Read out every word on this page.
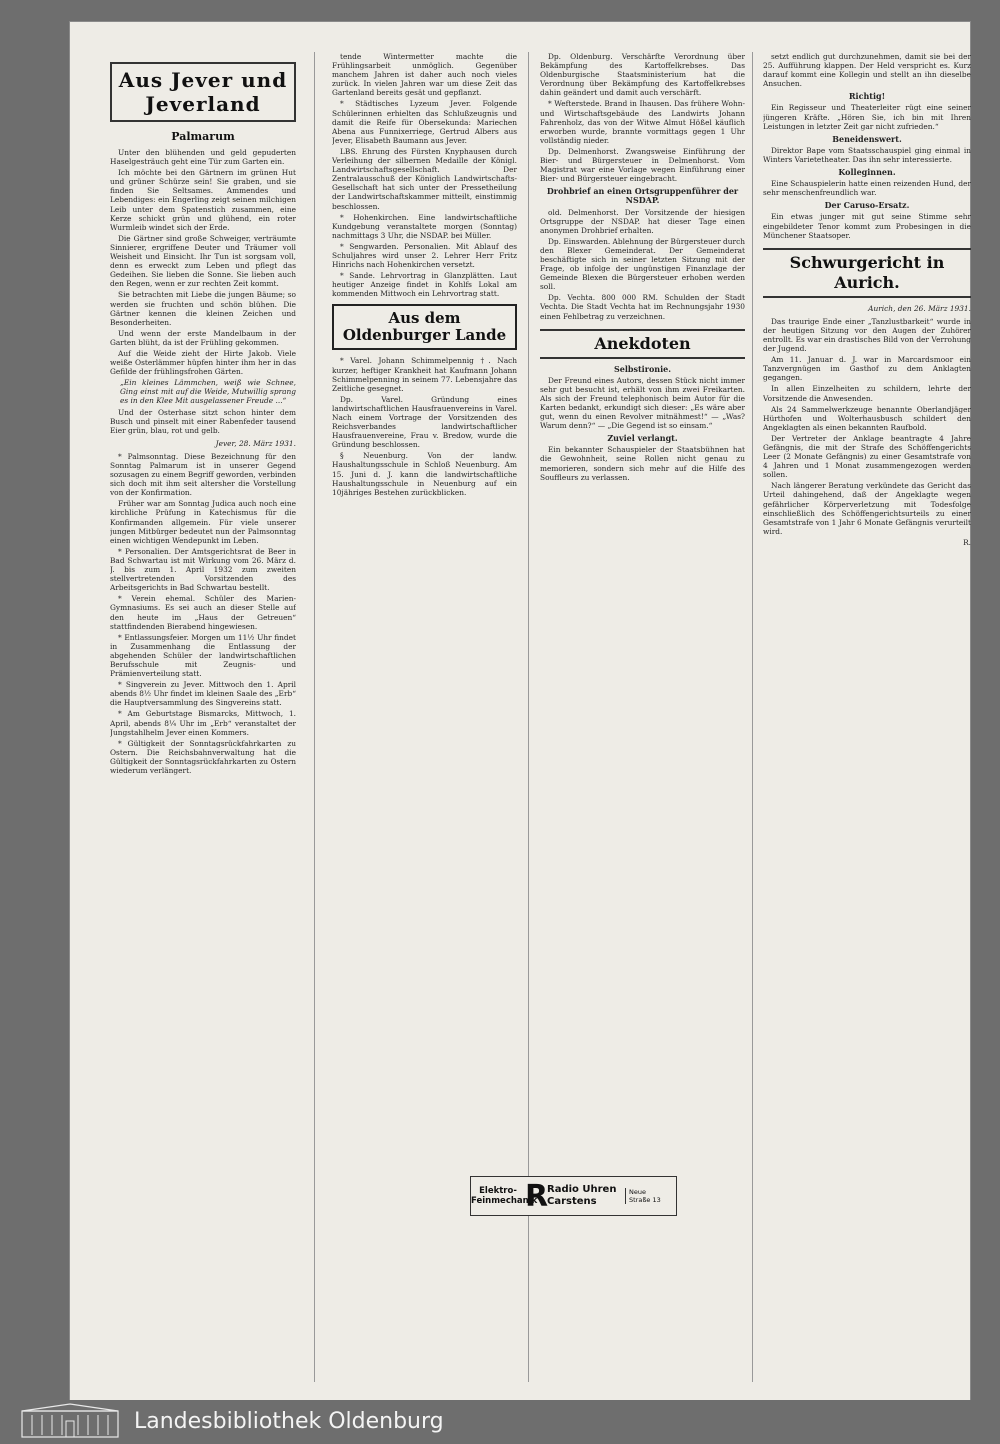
Aus Jever und Jeverland
Palmarum

Unter den blühenden und geld gepuderten Haselgesträuch geht eine Tür zum Garten ein.

Ich möchte bei den Gärtnern im grünen Hut und grüner Schürze sein! Sie graben, und sie finden Sie Seltsames. Ammendes und Lebendiges: ein Engerling zeigt seinen milchigen Leib unter dem Spatenstich zusammen, eine Kerze schickt grün und glühend, ein roter Wurmleib windet sich der Erde.

Die Gärtner sind große Schweiger, verträumte Sinnierer, ergriffene Deuter und Träumer voll Weisheit und Einsicht. Ihr Tun ist sorgsam voll, denn es erweckt zum Leben und pflegt das Gedeihen. Sie lieben die Sonne. Sie lieben auch den Regen, wenn er zur rechten Zeit kommt.

Sie betrachten mit Liebe die jungen Bäume; so werden sie fruchten und schön blühen. Die Gärtner kennen die kleinen Zeichen und Besonderheiten.

Und wenn der erste Mandelbaum in der Garten blüht, da ist der Frühling gekommen.

Auf die Weide zieht der Hirte Jakob. Viele weiße Osterlämmer hüpfen hinter ihm her in das Gefilde der frühlingsfrohen Gärten.

„Ein kleines Lämmchen, weiß wie Schnee, Ging einst mit auf die Weide, Mutwillig sprang es in den Klee Mit ausgelassener Freude ...“

Und der Osterhase sitzt schon hinter dem Busch und pinselt mit einer Rabenfeder tausend Eier grün, blau, rot und gelb.

Jever, 28. März 1931.

* Palmsonntag. Diese Bezeichnung für den Sonntag Palmarum ist in unserer Gegend sozusagen zu einem Begriff geworden, verbinden sich doch mit ihm seit altersher die Vorstellung von der Konfirmation.

Früher war am Sonntag Judica auch noch eine kirchliche Prüfung in Katechismus für die Konfirmanden allgemein. Für viele unserer jungen Mitbürger bedeutet nun der Palmsonntag einen wichtigen Wendepunkt im Leben.

* Personalien. Der Amtsgerichtsrat de Beer in Bad Schwartau ist mit Wirkung vom 26. März d. J. bis zum 1. April 1932 zum zweiten stellvertretenden Vorsitzenden des Arbeitsgerichts in Bad Schwartau bestellt.

* Verein ehemal. Schüler des Marien-Gymnasiums. Es sei auch an dieser Stelle auf den heute im „Haus der Getreuen“ stattfindenden Bierabend hingewiesen.

* Entlassungsfeier. Morgen um 11½ Uhr findet in Zusammenhang die Entlassung der abgehenden Schüler der landwirtschaftlichen Berufsschule mit Zeugnis- und Prämienverteilung statt.

* Singverein zu Jever. Mittwoch den 1. April abends 8½ Uhr findet im kleinen Saale des „Erb“ die Hauptversammlung des Singvereins statt.

* Am Geburtstage Bismarcks, Mittwoch, 1. April, abends 8¼ Uhr im „Erb“ veranstaltet der Jungstahlhelm Jever einen Kommers.

* Gültigkeit der Sonntagsrückfahrkarten zu Ostern. Die Reichsbahnverwaltung hat die Gültigkeit der Sonntagsrückfahrkarten zu Ostern wiederum verlängert.

tende Wintermetter machte die Frühlingsarbeit unmöglich. Gegenüber manchem Jahren ist daher auch noch vieles zurück. In vielen Jahren war um diese Zeit das Gartenland bereits gesät und gepflanzt.

* Städtisches Lyzeum Jever. Folgende Schülerinnen erhielten das Schlußzeugnis und damit die Reife für Obersekunda: Mariechen Abena aus Funnixerriege, Gertrud Albers aus Jever, Elisabeth Baumann aus Jever.

LBS. Ehrung des Fürsten Knyphausen durch Verleihung der silbernen Medaille der Königl. Landwirtschaftsgesellschaft. Der Zentralausschuß der Königlich Landwirtschafts-Gesellschaft hat sich unter der Pressetheilung der Landwirtschaftskammer mitteilt, einstimmig beschlossen.

* Hohenkirchen. Eine landwirtschaftliche Kundgebung veranstaltete morgen (Sonntag) nachmittags 3 Uhr, die NSDAP. bei Müller.

* Sengwarden. Personalien. Mit Ablauf des Schuljahres wird unser 2. Lehrer Herr Fritz Hinrichs nach Hohenkirchen versetzt.

* Sande. Lehrvortrag in Glanzplätten. Laut heutiger Anzeige findet in Kohlfs Lokal am kommenden Mittwoch ein Lehrvortrag statt.

Aus dem Oldenburger Lande

* Varel. Johann Schimmelpennig †. Nach kurzer, heftiger Krankheit hat Kaufmann Johann Schimmelpenning in seinem 77. Lebensjahre das Zeitliche gesegnet.

Dp. Varel. Gründung eines landwirtschaftlichen Hausfrauenvereins in Varel. Nach einem Vortrage der Vorsitzenden des Reichsverbandes landwirtschaftlicher Hausfrauenvereine, Frau v. Bredow, wurde die Gründung beschlossen.

§ Neuenburg. Von der landw. Haushaltungsschule in Schloß Neuenburg. Am 15. Juni d. J. kann die landwirtschaftliche Haushaltungsschule in Neuenburg auf ein 10jähriges Bestehen zurückblicken.

Dp. Oldenburg. Verschärfte Verordnung über Bekämpfung des Kartoffelkrebses. Das Oldenburgische Staatsministerium hat die Verordnung über Bekämpfung des Kartoffelkrebses dahin geändert und damit auch verschärft.

* Wefterstede. Brand in Ihausen. Das frühere Wohn- und Wirtschaftsgebäude des Landwirts Johann Fahrenholz, das von der Witwe Almut Hößel käuflich erworben wurde, brannte vormittags gegen 1 Uhr vollständig nieder.

Dp. Delmenhorst. Zwangsweise Einführung der Bier- und Bürgersteuer in Delmenhorst. Vom Magistrat war eine Vorlage wegen Einführung einer Bier- und Bürgersteuer eingebracht.

Drohbrief an einen Ortsgruppenführer der NSDAP.

old. Delmenhorst. Der Vorsitzende der hiesigen Ortsgruppe der NSDAP. hat dieser Tage einen anonymen Drohbrief erhalten.

Dp. Einswarden. Ablehnung der Bürgersteuer durch den Blexer Gemeinderat. Der Gemeinderat beschäftigte sich in seiner letzten Sitzung mit der Frage, ob infolge der ungünstigen Finanzlage der Gemeinde Blexen die Bürgersteuer erhoben werden soll.

Dp. Vechta. 800 000 RM. Schulden der Stadt Vechta. Die Stadt Vechta hat im Rechnungsjahr 1930 einen Fehlbetrag zu verzeichnen.

Anekdoten
Selbstironie.

Der Freund eines Autors, dessen Stück nicht immer sehr gut besucht ist, erhält von ihm zwei Freikarten. Als sich der Freund telephonisch beim Autor für die Karten bedankt, erkundigt sich dieser: „Es wäre aber gut, wenn du einen Revolver mitnähmest!“ — „Was? Warum denn?“ — „Die Gegend ist so einsam.“

Zuviel verlangt.

Ein bekannter Schauspieler der Staatsbühnen hat die Gewohnheit, seine Rollen nicht genau zu memorieren, sondern sich mehr auf die Hilfe des Souffleurs zu verlassen.

setzt endlich gut durchzunehmen, damit sie bei der 25. Aufführung klappen. Der Held verspricht es. Kurz darauf kommt eine Kollegin und stellt an ihn dieselbe Ansuchen.

Richtig!

Ein Regisseur und Theaterleiter rügt eine seiner jüngeren Kräfte. „Hören Sie, ich bin mit Ihren Leistungen in letzter Zeit gar nicht zufrieden.“

Beneidenswert.

Direktor Bape vom Staatsschauspiel ging einmal in Winters Varietetheater. Das ihn sehr interessierte.

Kolleginnen.

Eine Schauspielerin hatte einen reizenden Hund, der sehr menschenfreundlich war.

Der Caruso-Ersatz.

Ein etwas junger mit gut seine Stimme sehr eingebildeter Tenor kommt zum Probesingen in die Münchener Staatsoper.

Schwurgericht in Aurich.
Aurich, den 26. März 1931.

Das traurige Ende einer „Tanzlustbarkeit“ wurde in der heutigen Sitzung vor den Augen der Zuhörer entrollt. Es war ein drastisches Bild von der Verrohung der Jugend.

Am 11. Januar d. J. war in Marcardsmoor ein Tanzvergnügen im Gasthof zu dem Anklagten gegangen.

In allen Einzelheiten zu schildern, lehrte der Vorsitzende die Anwesenden.

Als 24 Sammelwerkzeuge benannte Oberlandjäger Hürthofen und Wolterhausbusch schildert den Angeklagten als einen bekannten Raufbold.

Der Vertreter der Anklage beantragte 4 Jahre Gefängnis, die mit der Strafe des Schöffengerichts Leer (2 Monate Gefängnis) zu einer Gesamtstrafe von 4 Jahren und 1 Monat zusammengezogen werden sollen.

Nach längerer Beratung verkündete das Gericht das Urteil dahingehend, daß der Angeklagte wegen gefährlicher Körperverletzung mit Todesfolge einschließlich des Schöffengerichtsurteils zu einer Gesamtstrafe von 1 Jahr 6 Monate Gefängnis verurteilt wird.

R.

Elektro-Feinmechanik
R
Radio Uhren
Carstens
Neue Straße 13
Landesbibliothek Oldenburg
